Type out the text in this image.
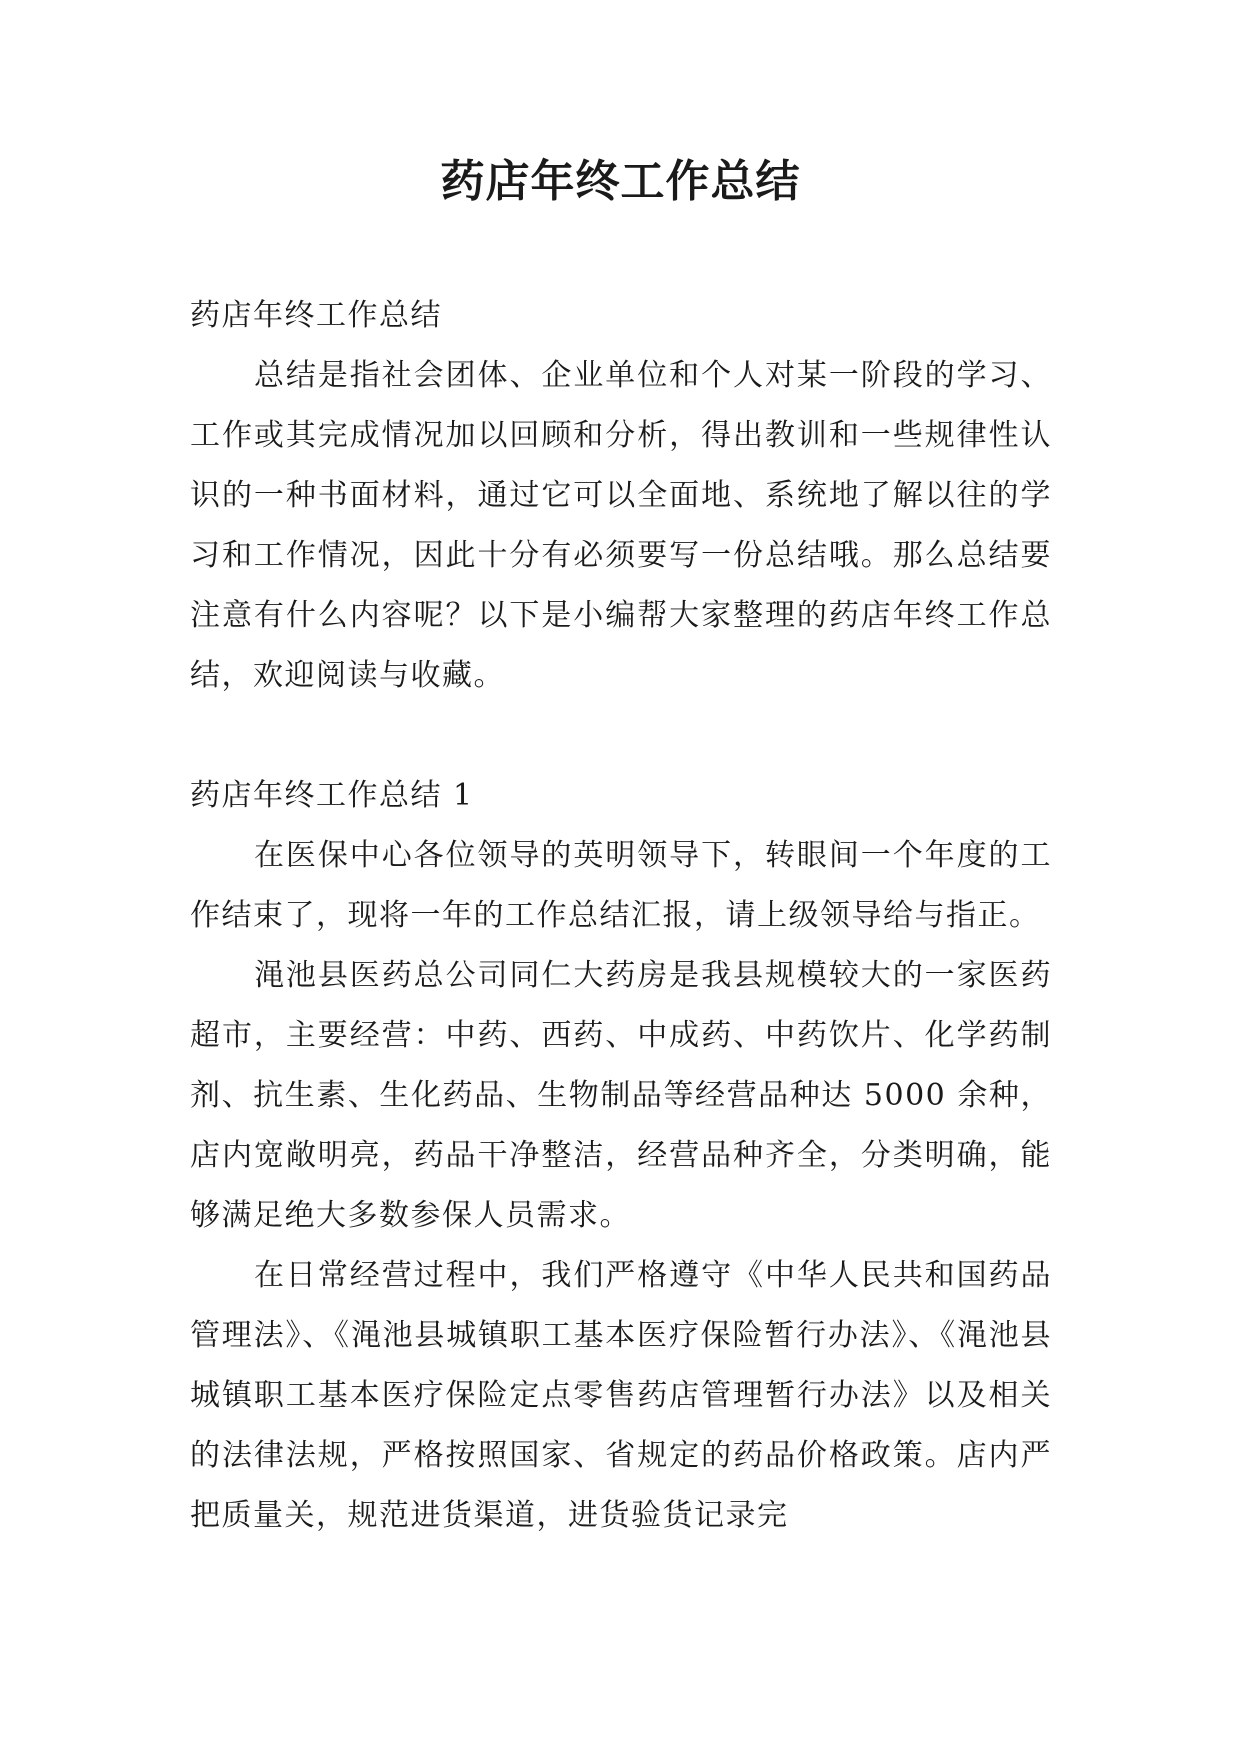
药店年终工作总结

药店年终工作总结

总结是指社会团体、企业单位和个人对某一阶段的学习、工作或其完成情况加以回顾和分析，得出教训和一些规律性认识的一种书面材料，通过它可以全面地、系统地了解以往的学习和工作情况，因此十分有必须要写一份总结哦。那么总结要注意有什么内容呢？以下是小编帮大家整理的药店年终工作总结，欢迎阅读与收藏。

药店年终工作总结 1

在医保中心各位领导的英明领导下，转眼间一个年度的工作结束了，现将一年的工作总结汇报，请上级领导给与指正。

渑池县医药总公司同仁大药房是我县规模较大的一家医药超市，主要经营：中药、西药、中成药、中药饮片、化学药制剂、抗生素、生化药品、生物制品等经营品种达 5000 余种，店内宽敞明亮，药品干净整洁，经营品种齐全，分类明确，能够满足绝大多数参保人员需求。

在日常经营过程中，我们严格遵守《中华人民共和国药品管理法》、《渑池县城镇职工基本医疗保险暂行办法》、《渑池县城镇职工基本医疗保险定点零售药店管理暂行办法》以及相关的法律法规，严格按照国家、省规定的药品价格政策。店内严把质量关，规范进货渠道，进货验货记录完
